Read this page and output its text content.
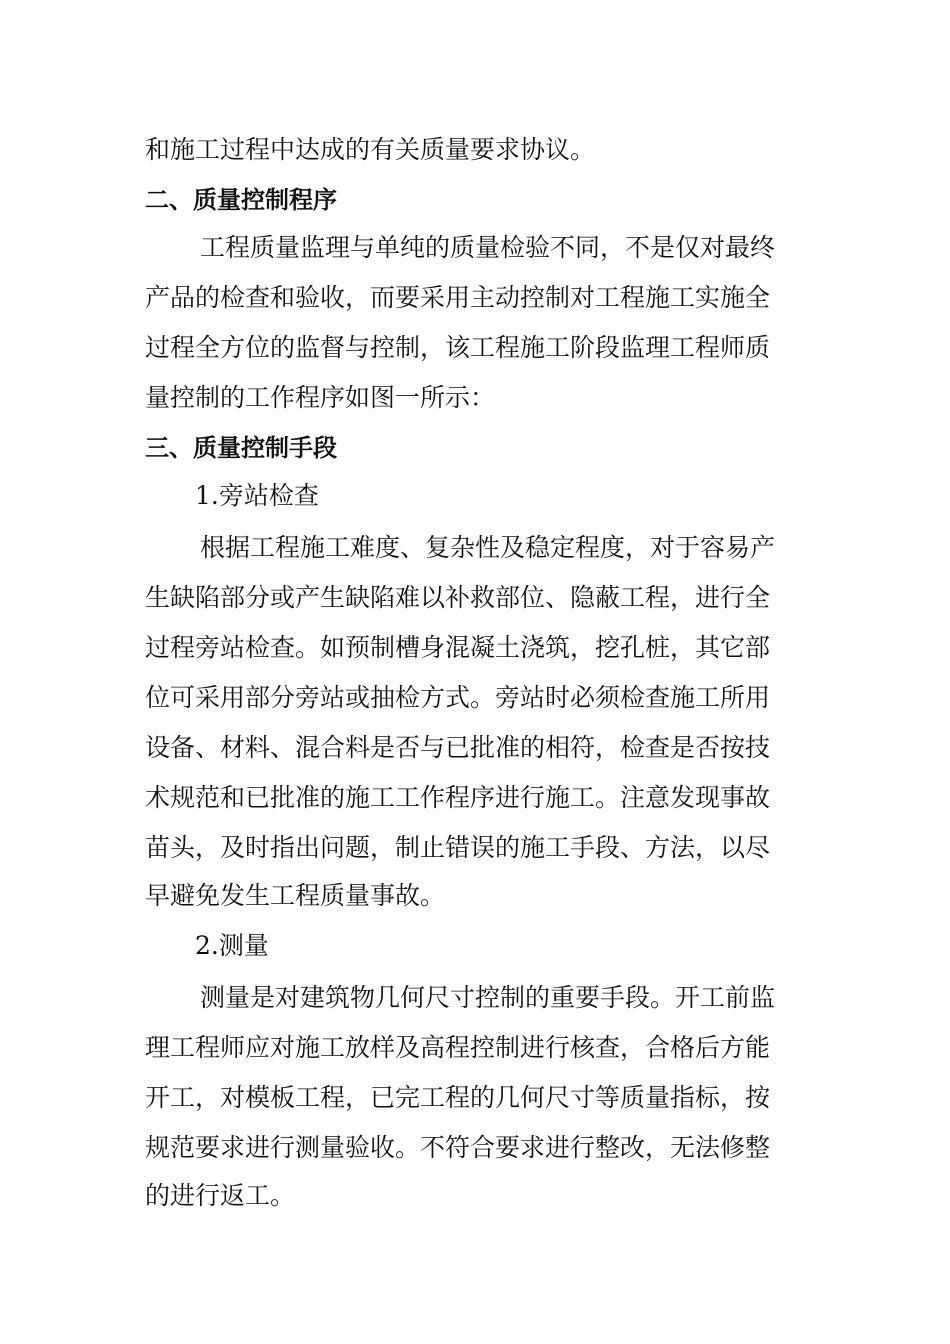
和施工过程中达成的有关质量要求协议。
二、质量控制程序
工程质量监理与单纯的质量检验不同，不是仅对最终
产品的检查和验收，而要采用主动控制对工程施工实施全
过程全方位的监督与控制，该工程施工阶段监理工程师质
量控制的工作程序如图一所示：
三、质量控制手段
1.旁站检查
根据工程施工难度、复杂性及稳定程度，对于容易产
生缺陷部分或产生缺陷难以补救部位、隐蔽工程，进行全
过程旁站检查。如预制槽身混凝土浇筑，挖孔桩，其它部
位可采用部分旁站或抽检方式。旁站时必须检查施工所用
设备、材料、混合料是否与已批准的相符，检查是否按技
术规范和已批准的施工工作程序进行施工。注意发现事故
苗头，及时指出问题，制止错误的施工手段、方法，以尽
早避免发生工程质量事故。
2.测量
测量是对建筑物几何尺寸控制的重要手段。开工前监
理工程师应对施工放样及高程控制进行核查，合格后方能
开工，对模板工程，已完工程的几何尺寸等质量指标，按
规范要求进行测量验收。不符合要求进行整改，无法修整
的进行返工。
